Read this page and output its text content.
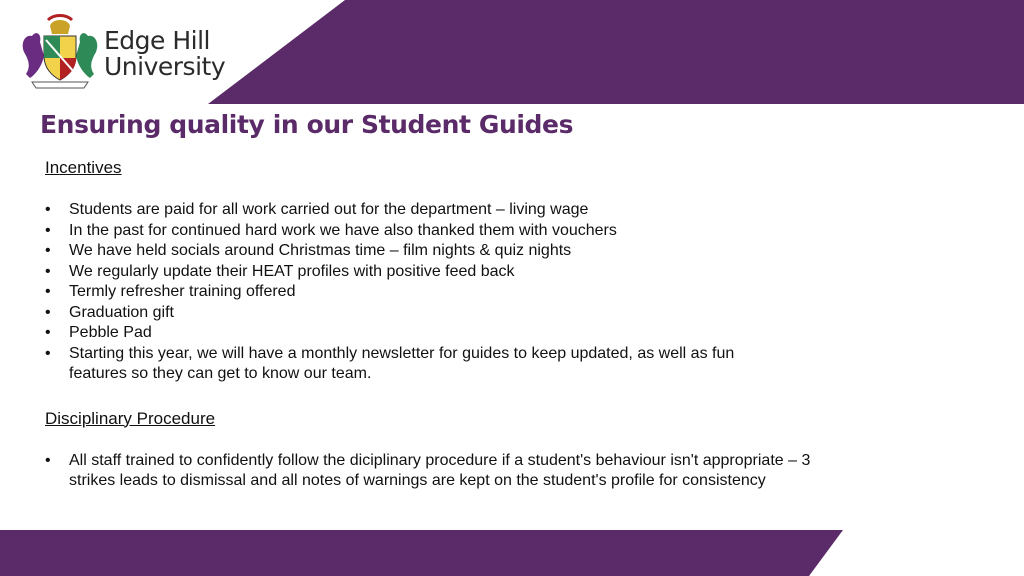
Edge Hill
University
Ensuring quality in our Student Guides

Incentives

• Students are paid for all work carried out for the department – living wage
• In the past for continued hard work we have also thanked them with vouchers
• We have held socials around Christmas time – film nights & quiz nights
• We regularly update their HEAT profiles with positive feed back
• Termly refresher training offered
• Graduation gift
• Pebble Pad
• Starting this year, we will have a monthly newsletter for guides to keep updated, as well as fun features so they can get to know our team.

Disciplinary Procedure

• All staff trained to confidently follow the diciplinary procedure if a student's behaviour isn't appropriate – 3 strikes leads to dismissal and all notes of warnings are kept on the student's profile for consistency
